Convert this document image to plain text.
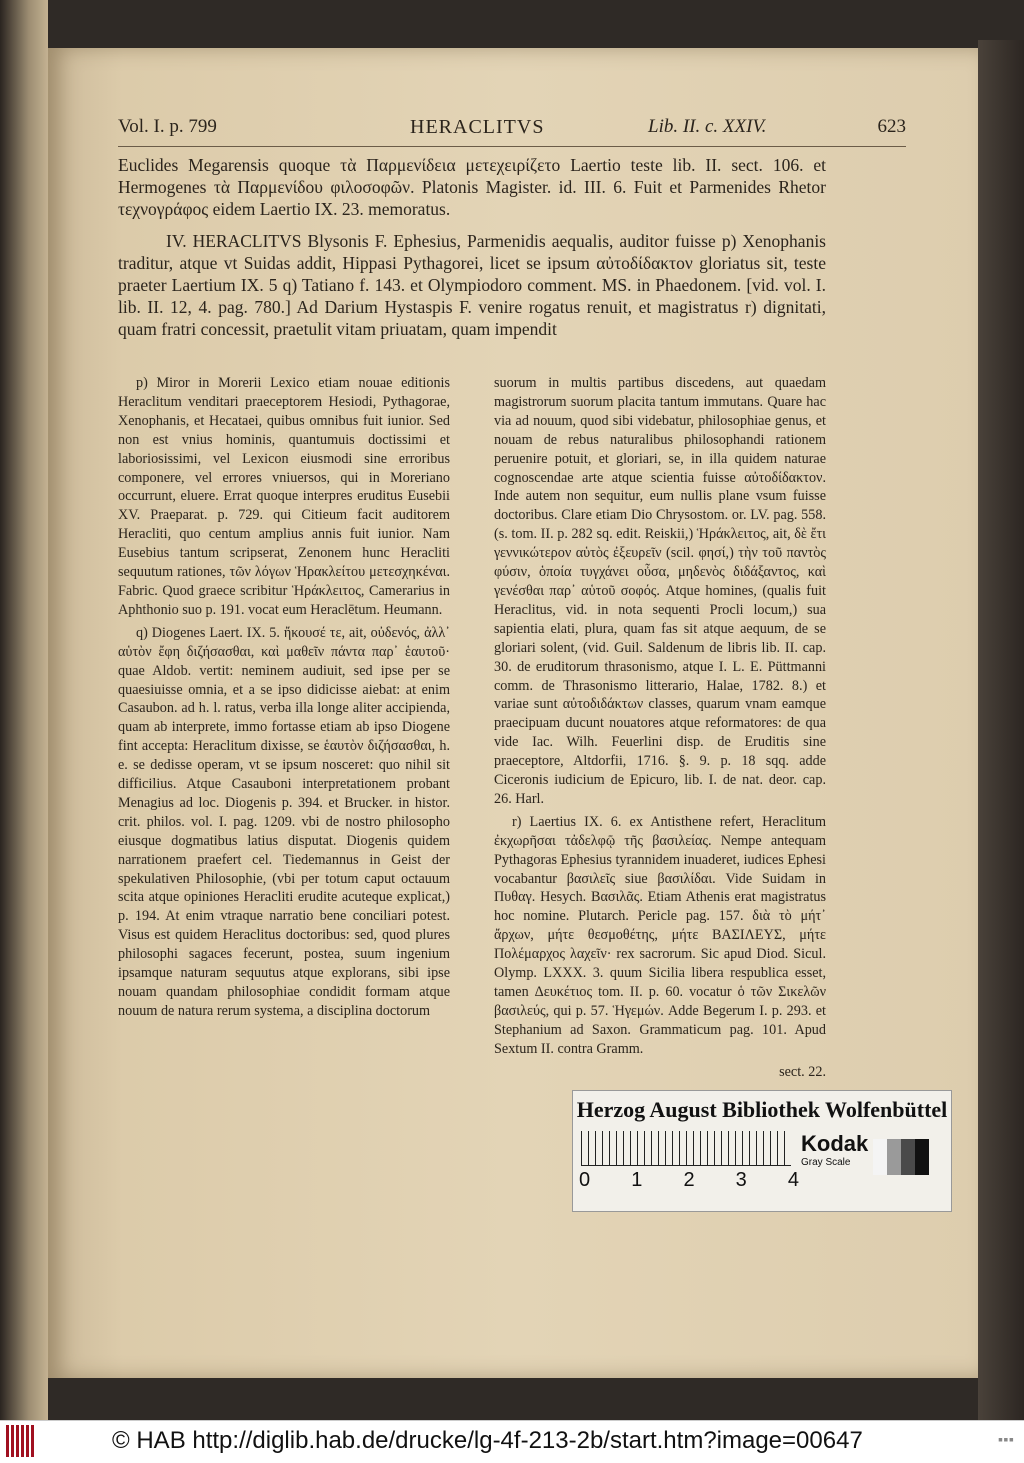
Vol. I. p. 799	HERACLITVS	Lib. II. c. XXIV.	623

Euclides Megarensis quoque τὰ Παρμενίδεια μετεχειρίζετο Laertio teste lib. II. sect. 106. et Hermogenes τὰ Παρμενίδου φιλοσοφῶν. Platonis Magister. id. III. 6. Fuit et Parmenides Rhetor τεχνογράφος eidem Laertio IX. 23. memoratus.

IV. HERACLITVS Blysonis F. Ephesius, Parmenidis aequalis, auditor fuisse p) Xenophanis traditur, atque vt Suidas addit, Hippasi Pythagorei, licet se ipsum αὐτοδίδακτον gloriatus sit, teste praeter Laertium IX. 5 q) Tatiano f. 143. et Olympiodoro comment. MS. in Phaedonem. [vid. vol. I. lib. II. 12, 4. pag. 780.] Ad Darium Hystaspis F. venire rogatus renuit, et magistratus r) dignitati, quam fratri concessit, praetulit vitam priuatam, quam impendit

p) Miror in Morerii Lexico etiam nouae editionis Heraclitum venditari praeceptorem Hesiodi, Pythagorae, Xenophanis, et Hecataei, quibus omnibus fuit iunior. Sed non est vnius hominis, quantumuis doctissimi et laboriosissimi, vel Lexicon eiusmodi sine erroribus componere, vel errores vniuersos, qui in Moreriano occurrunt, eluere. Errat quoque interpres eruditus Eusebii XV. Praeparat. p. 729. qui Citieum facit auditorem Heracliti, quo centum amplius annis fuit iunior. Nam Eusebius tantum scripserat, Zenonem hunc Heracliti sequutum rationes, τῶν λόγων Ἡρακλείτου μετεσχηκέναι. Fabric. Quod graece scribitur Ἡράκλειτος, Camerarius in Aphthonio suo p. 191. vocat eum Heraclētum. Heumann.

q) Diogenes Laert. IX. 5. ἤκουσέ τε, ait, οὐδενός, ἀλλ᾽ αὑτὸν ἔφη διζήσασθαι, καὶ μαθεῖν πάντα παρ᾽ ἑαυτοῦ· quae Aldob. vertit: neminem audiuit, sed ipse per se quaesiuisse omnia, et a se ipso didicisse aiebat: at enim Casaubon. ad h. l. ratus, verba illa longe aliter accipienda, quam ab interprete, immo fortasse etiam ab ipso Diogene fint accepta: Heraclitum dixisse, se ἑαυτὸν διζήσασθαι, h. e. se dedisse operam, vt se ipsum nosceret: quo nihil sit difficilius. Atque Casauboni interpretationem probant Menagius ad loc. Diogenis p. 394. et Brucker. in histor. crit. philos. vol. I. pag. 1209. vbi de nostro philosopho eiusque dogmatibus latius disputat. Diogenis quidem narrationem praefert cel. Tiedemannus in Geist der spekulativen Philosophie, (vbi per totum caput octauum scita atque opiniones Heracliti erudite acuteque explicat,) p. 194. At enim vtraque narratio bene conciliari potest. Visus est quidem Heraclitus doctoribus: sed, quod plures philosophi sagaces fecerunt, postea, suum ingenium ipsamque naturam sequutus atque explorans, sibi ipse nouam quandam philosophiae condidit formam atque nouum de natura rerum systema, a disciplina doctorum

suorum in multis partibus discedens, aut quaedam magistrorum suorum placita tantum immutans. Quare hac via ad nouum, quod sibi videbatur, philosophiae genus, et nouam de rebus naturalibus philosophandi rationem peruenire potuit, et gloriari, se, in illa quidem naturae cognoscendae arte atque scientia fuisse αὐτοδίδακτον. Inde autem non sequitur, eum nullis plane vsum fuisse doctoribus. Clare etiam Dio Chrysostom. or. LV. pag. 558. (s. tom. II. p. 282 sq. edit. Reiskii,) Ἡράκλειτος, ait, δὲ ἔτι γεννικώτερον αὑτὸς ἐξευρεῖν (scil. φησί,) τὴν τοῦ παντὸς φύσιν, ὁποία τυγχάνει οὖσα, μηδενὸς διδάξαντος, καὶ γενέσθαι παρ᾽ αὑτοῦ σοφός. Atque homines, (qualis fuit Heraclitus, vid. in nota sequenti Procli locum,) sua sapientia elati, plura, quam fas sit atque aequum, de se gloriari solent, (vid. Guil. Saldenum de libris lib. II. cap. 30. de eruditorum thrasonismo, atque I. L. E. Püttmanni comm. de Thrasonismo litterario, Halae, 1782. 8.) et variae sunt αὐτοδιδάκτων classes, quarum vnam eamque praecipuam ducunt nouatores atque reformatores: de qua vide Iac. Wilh. Feuerlini disp. de Eruditis sine praeceptore, Altdorfii, 1716. §. 9. p. 18 sqq. adde Ciceronis iudicium de Epicuro, lib. I. de nat. deor. cap. 26. Harl.

r) Laertius IX. 6. ex Antisthene refert, Heraclitum ἐκχωρῆσαι τἀδελφῷ τῆς βασιλείας. Nempe antequam Pythagoras Ephesius tyrannidem inuaderet, iudices Ephesi vocabantur βασιλεῖς siue βασιλίδαι. Vide Suidam in Πυθαγ. Hesych. Βασιλᾶς. Etiam Athenis erat magistratus hoc nomine. Plutarch. Pericle pag. 157. διὰ τὸ μήτ᾽ ἄρχων, μήτε θεσμοθέτης, μήτε ΒΑΣΙΛΕΥΣ, μήτε Πολέμαρχος λαχεῖν· rex sacrorum. Sic apud Diod. Sicul. Olymp. LXXX. 3. quum Sicilia libera respublica esset, tamen Δευκέτιος tom. II. p. 60. vocatur ὁ τῶν Σικελῶν βασιλεύς, qui p. 57. Ἡγεμών. Adde Begerum I. p. 293. et Stephanium ad Saxon. Grammaticum pag. 101. Apud Sextum II. contra Gramm.

sect. 22.
Herzog August Bibliothek Wolfenbüttel
0 1 2 3 4
Kodak
Gray Scale
© HAB http://diglib.hab.de/drucke/lg-4f-213-2b/start.htm?image=00647	▪▪▪
